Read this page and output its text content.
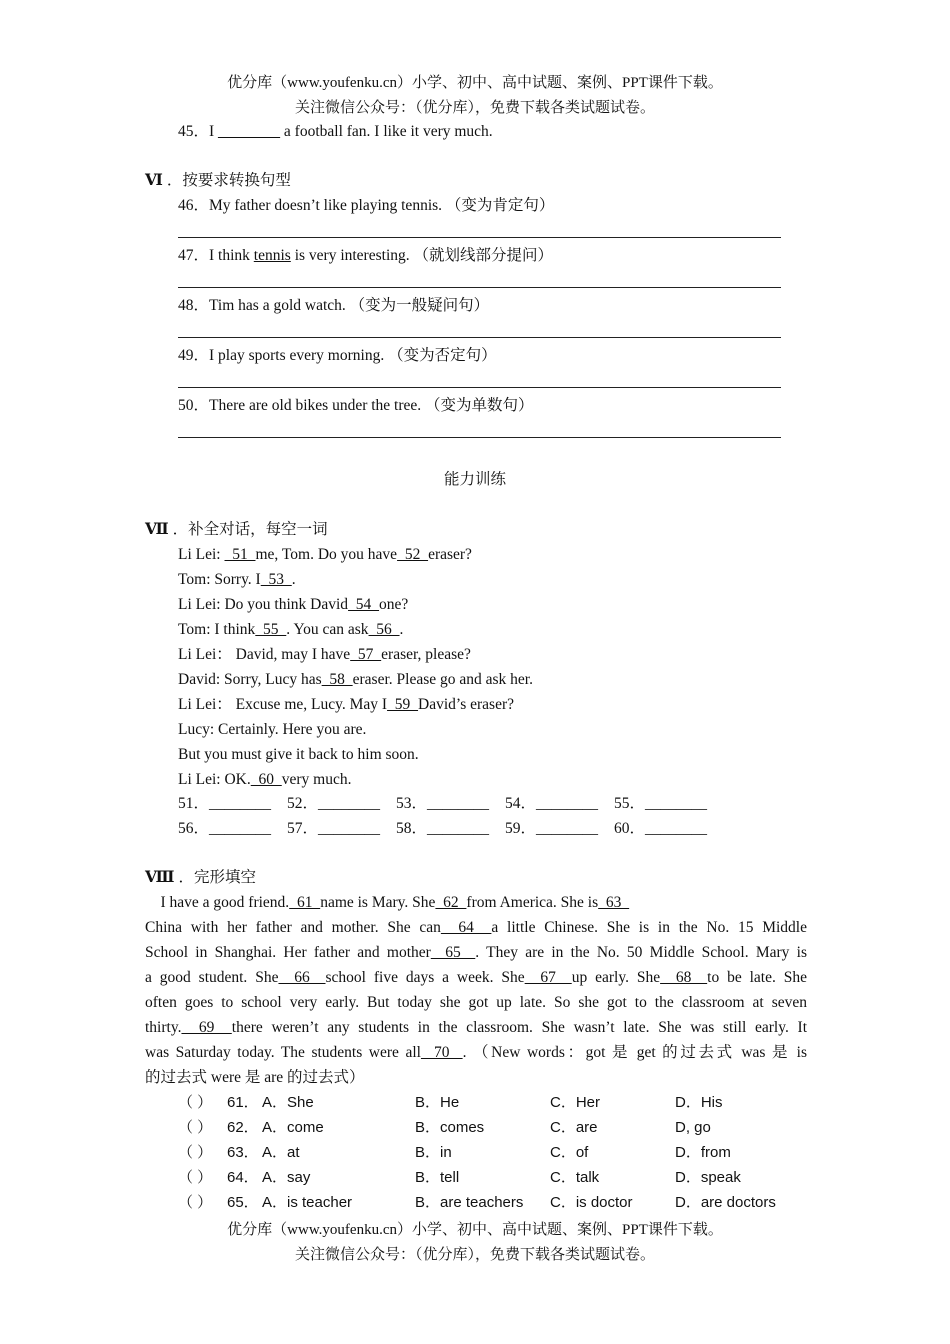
优分库（www.youfenku.cn）小学、初中、高中试题、案例、PPT课件下载。
关注微信公众号：（优分库），免费下载各类试题试卷。
45．I ________ a football fan. I like it very much.
Ⅵ ．按要求转换句型
46．My father doesn’t like playing tennis. （变为肯定句）
47．I think tennis is very interesting. （就划线部分提问）
48．Tim has a gold watch. （变为一般疑问句）
49．I play sports every morning. （变为否定句）
50．There are old bikes under the tree. （变为单数句）
能力训练
Ⅶ ．补全对话，每空一词
Li Lei:   51  me, Tom. Do you have  52  eraser?
Tom: Sorry. I  53  .
Li Lei: Do you think David  54  one?
Tom: I think  55  . You can ask  56  .
Li Lei： David, may I have  57  eraser, please?
David: Sorry, Lucy has  58  eraser. Please go and ask her.
Li Lei： Excuse me, Lucy. May I  59  David’s eraser?
Lucy: Certainly. Here you are.
But you must give it back to him soon.
Li Lei: OK.  60  very much.
51．________ 52．________ 53．________ 54．________ 55．________
56．________ 57．________ 58．________ 59．________ 60．________
Ⅷ ．完形填空
I have a good friend.  61  name is Mary. She  62  from America. She is  63
China with her father and mother. She can  64  a little Chinese. She is in the No. 15 Middle
School in Shanghai. Her father and mother  65  . They are in the No. 50 Middle School. Mary is
a good student. She  66  school five days a week. She  67  up early. She  68  to be late. She
often goes to school very early. But today she got up late. So she got to the classroom at seven
thirty.  69  there weren’t any students in the classroom. She wasn’t late. She was still early. It
was Saturday today. The students were all  70  . （New words：got 是 get 的过去式 was 是 is
的过去式 were 是 are 的过去式）
（ ） 61． A．She	B．He	C．Her	D．His
（ ） 62． A．come	B．comes	C．are	D, go
（ ） 63． A．at	B．in	C．of	D．from
（ ） 64． A．say	B．tell	C．talk	D．speak
（ ） 65． A．is teacher	B．are teachers C．is doctor	D．are doctors
优分库（www.youfenku.cn）小学、初中、高中试题、案例、PPT课件下载。
关注微信公众号：（优分库），免费下载各类试题试卷。
